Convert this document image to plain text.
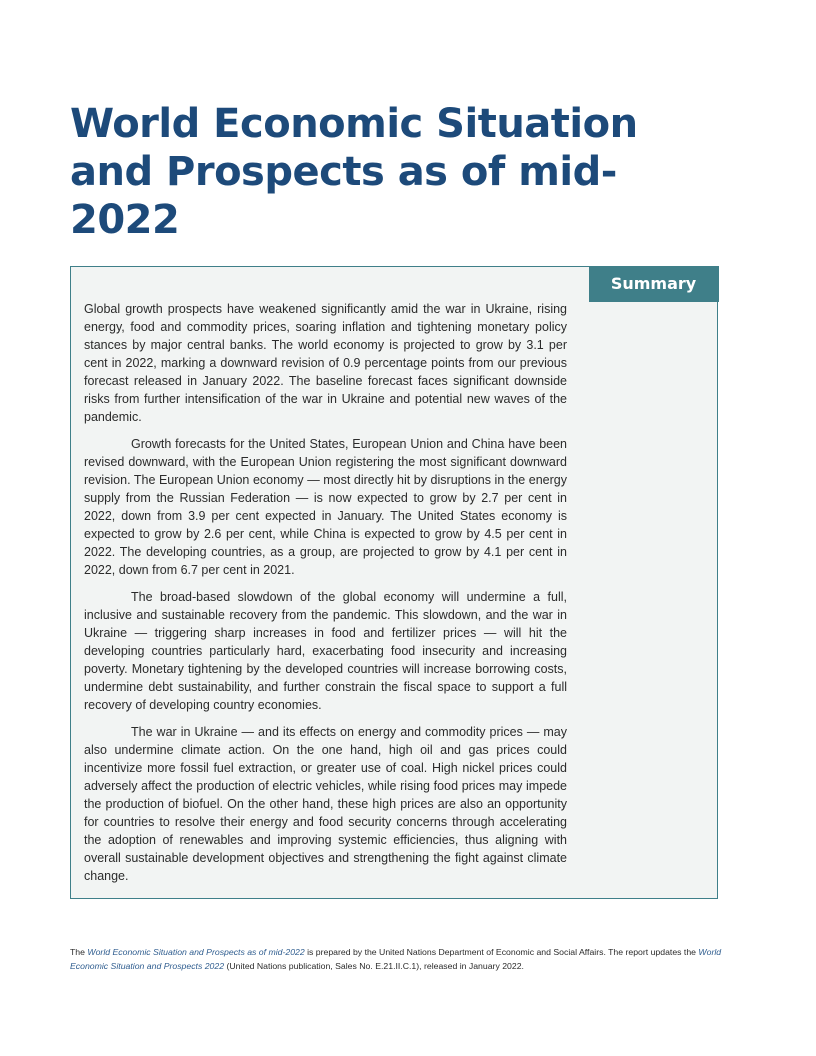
World Economic Situation
and Prospects as of mid-2022
Summary

Global growth prospects have weakened significantly amid the war in Ukraine, rising energy, food and commodity prices, soaring inflation and tightening monetary policy stances by major central banks. The world economy is projected to grow by 3.1 per cent in 2022, marking a downward revision of 0.9 percentage points from our previous forecast released in January 2022. The baseline forecast faces significant downside risks from further intensification of the war in Ukraine and potential new waves of the pandemic.

Growth forecasts for the United States, European Union and China have been revised downward, with the European Union registering the most significant downward revision. The European Union economy — most directly hit by disruptions in the energy supply from the Russian Federation — is now expected to grow by 2.7 per cent in 2022, down from 3.9 per cent expected in January. The United States economy is expected to grow by 2.6 per cent, while China is expected to grow by 4.5 per cent in 2022. The developing countries, as a group, are projected to grow by 4.1 per cent in 2022, down from 6.7 per cent in 2021.

The broad-based slowdown of the global economy will undermine a full, inclusive and sustainable recovery from the pandemic. This slowdown, and the war in Ukraine — triggering sharp increases in food and fertilizer prices — will hit the developing countries particularly hard, exacerbating food insecurity and increasing poverty. Monetary tightening by the developed countries will increase borrowing costs, undermine debt sustainability, and further constrain the fiscal space to support a full recovery of developing country economies.

The war in Ukraine — and its effects on energy and commodity prices — may also undermine climate action. On the one hand, high oil and gas prices could incentivize more fossil fuel extraction, or greater use of coal. High nickel prices could adversely affect the production of electric vehicles, while rising food prices may impede the production of biofuel. On the other hand, these high prices are also an opportunity for countries to resolve their energy and food security concerns through accelerating the adoption of renewables and improving systemic efficiencies, thus aligning with overall sustainable development objectives and strengthening the fight against climate change.

The World Economic Situation and Prospects as of mid-2022 is prepared by the United Nations Department of Economic and Social Affairs. The report updates the World Economic Situation and Prospects 2022 (United Nations publication, Sales No. E.21.II.C.1), released in January 2022.
